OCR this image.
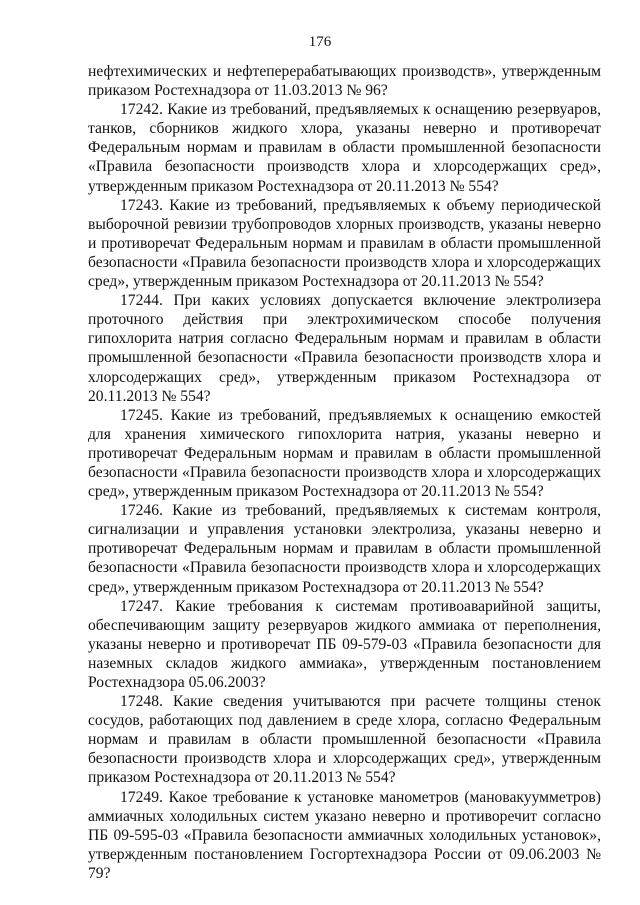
176

нефтехимических и нефтеперерабатывающих производств», утвержденным приказом Ростехнадзора от 11.03.2013 № 96?

17242. Какие из требований, предъявляемых к оснащению резервуаров, танков, сборников жидкого хлора, указаны неверно и противоречат Федеральным нормам и правилам в области промышленной безопасности «Правила безопасности производств хлора и хлорсодержащих сред», утвержденным приказом Ростехнадзора от 20.11.2013 № 554?

17243. Какие из требований, предъявляемых к объему периодической выборочной ревизии трубопроводов хлорных производств, указаны неверно и противоречат Федеральным нормам и правилам в области промышленной безопасности «Правила безопасности производств хлора и хлорсодержащих сред», утвержденным приказом Ростехнадзора от 20.11.2013 № 554?

17244. При каких условиях допускается включение электролизера проточного действия при электрохимическом способе получения гипохлорита натрия согласно Федеральным нормам и правилам в области промышленной безопасности «Правила безопасности производств хлора и хлорсодержащих сред», утвержденным приказом Ростехнадзора от 20.11.2013 № 554?

17245. Какие из требований, предъявляемых к оснащению емкостей для хранения химического гипохлорита натрия, указаны неверно и противоречат Федеральным нормам и правилам в области промышленной безопасности «Правила безопасности производств хлора и хлорсодержащих сред», утвержденным приказом Ростехнадзора от 20.11.2013 № 554?

17246. Какие из требований, предъявляемых к системам контроля, сигнализации и управления установки электролиза, указаны неверно и противоречат Федеральным нормам и правилам в области промышленной безопасности «Правила безопасности производств хлора и хлорсодержащих сред», утвержденным приказом Ростехнадзора от 20.11.2013 № 554?

17247. Какие требования к системам противоаварийной защиты, обеспечивающим защиту резервуаров жидкого аммиака от переполнения, указаны неверно и противоречат ПБ 09-579-03 «Правила безопасности для наземных складов жидкого аммиака», утвержденным постановлением Ростехнадзора 05.06.2003?

17248. Какие сведения учитываются при расчете толщины стенок сосудов, работающих под давлением в среде хлора, согласно Федеральным нормам и правилам в области промышленной безопасности «Правила безопасности производств хлора и хлорсодержащих сред», утвержденным приказом Ростехнадзора от 20.11.2013 № 554?

17249. Какое требование к установке манометров (мановакуумметров) аммиачных холодильных систем указано неверно и противоречит согласно ПБ 09-595-03 «Правила безопасности аммиачных холодильных установок», утвержденным постановлением Госгортехнадзора России от 09.06.2003 № 79?
